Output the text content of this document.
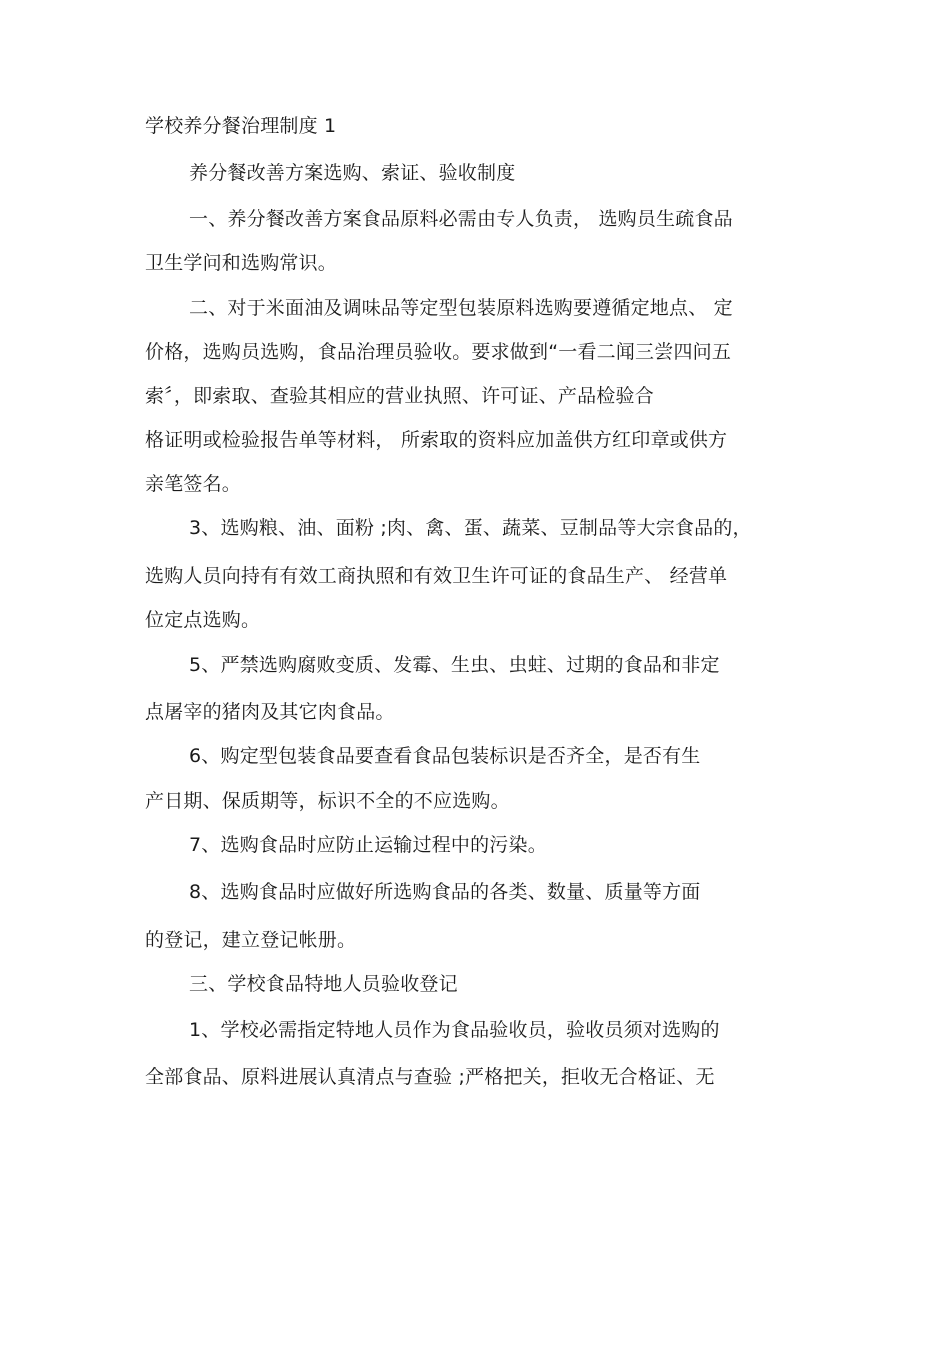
学校养分餐治理制度 1

养分餐改善方案选购、索证、验收制度

一、养分餐改善方案食品原料必需由专人负责， 选购员生疏食品

卫生学问和选购常识。

二、对于米面油及调味品等定型包装原料选购要遵循定地点、 定

价格，选购员选购，食品治理员验收。要求做到“一看二闻三尝四问五

索〞，即索取、查验其相应的营业执照、许可证、产品检验合

格证明或检验报告单等材料， 所索取的资料应加盖供方红印章或供方

亲笔签名。

3、选购粮、油、面粉 ;肉、禽、蛋、蔬菜、豆制品等大宗食品的，

选购人员向持有有效工商执照和有效卫生许可证的食品生产、 经营单

位定点选购。

5、严禁选购腐败变质、发霉、生虫、虫蛀、过期的食品和非定

点屠宰的猪肉及其它肉食品。

6、购定型包装食品要查看食品包装标识是否齐全，是否有生

产日期、保质期等，标识不全的不应选购。

7、选购食品时应防止运输过程中的污染。

8、选购食品时应做好所选购食品的各类、数量、质量等方面

的登记，建立登记帐册。

三、学校食品特地人员验收登记

1、学校必需指定特地人员作为食品验收员，验收员须对选购的

全部食品、原料进展认真清点与查验 ;严格把关，拒收无合格证、无
